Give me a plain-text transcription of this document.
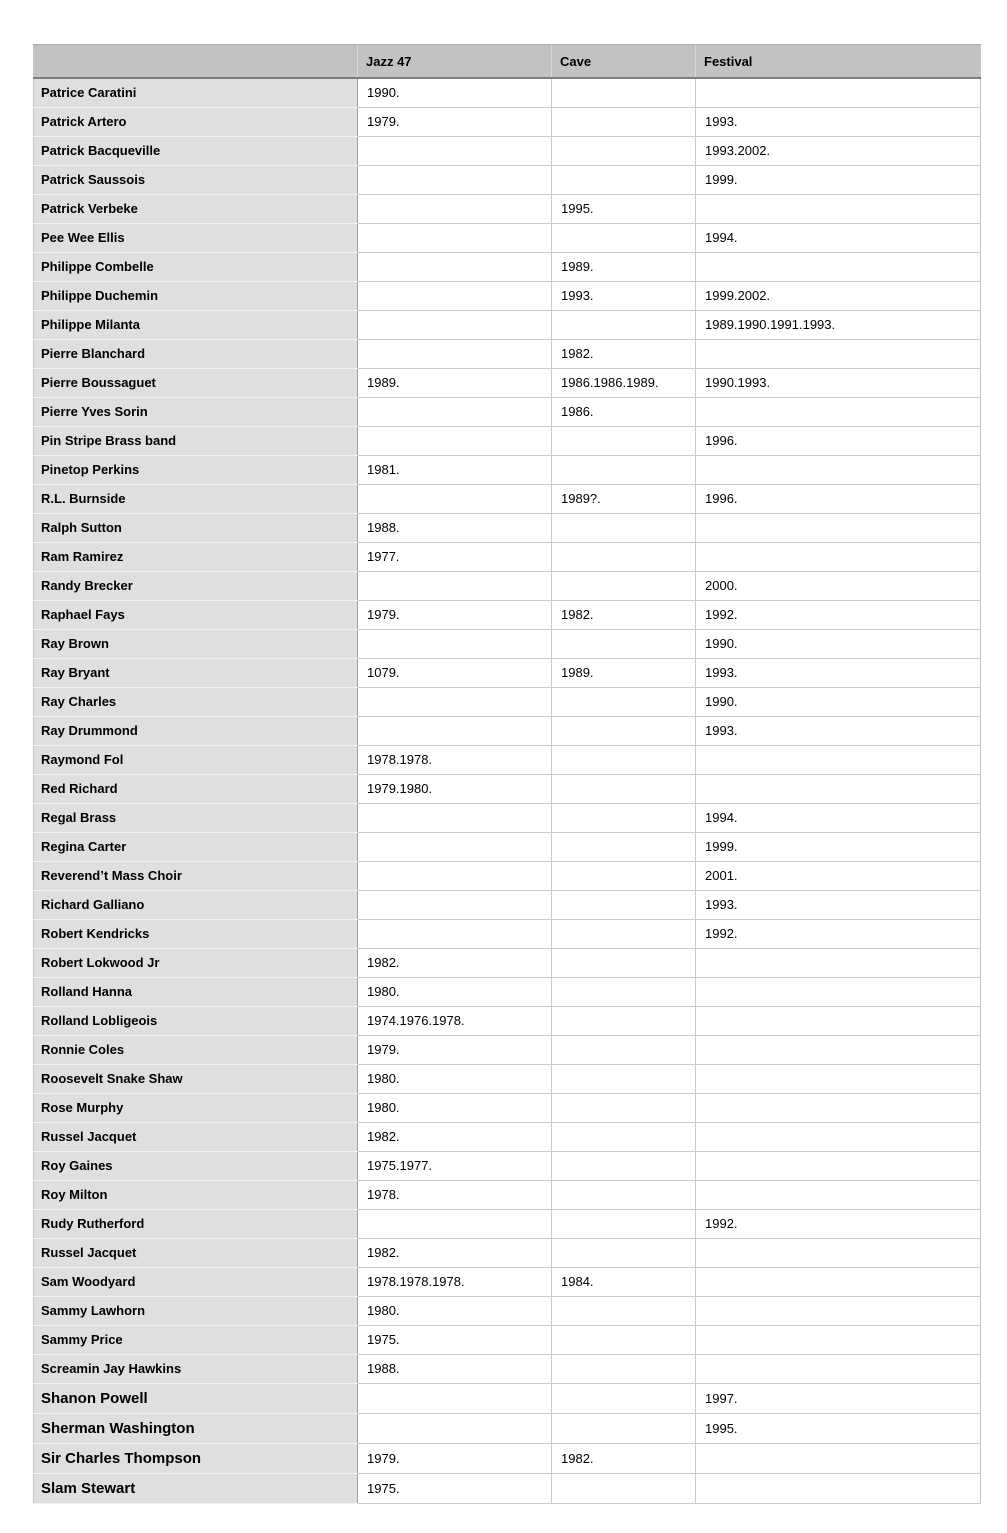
	Jazz 47	Cave	Festival
Patrice Caratini	1990.		
Patrick Artero	1979.		1993.
Patrick Bacqueville			1993.2002.
Patrick Saussois			1999.
Patrick Verbeke		1995.	
Pee Wee Ellis			1994.
Philippe Combelle		1989.	
Philippe Duchemin		1993.	1999.2002.
Philippe Milanta			1989.1990.1991.1993.
Pierre Blanchard		1982.	
Pierre Boussaguet	1989.	1986.1986.1989.	1990.1993.
Pierre Yves Sorin		1986.	
Pin Stripe Brass band			1996.
Pinetop Perkins	1981.		
R.L. Burnside		1989?.	1996.
Ralph Sutton	1988.		
Ram Ramirez	1977.		
Randy Brecker			2000.
Raphael Fays	1979.	1982.	1992.
Ray Brown			1990.
Ray Bryant	1079.	1989.	1993.
Ray Charles			1990.
Ray Drummond			1993.
Raymond Fol	1978.1978.		
Red Richard	1979.1980.		
Regal Brass			1994.
Regina Carter			1999.
Reverend’t Mass Choir			2001.
Richard Galliano			1993.
Robert Kendricks			1992.
Robert Lokwood Jr	1982.		
Rolland Hanna	1980.		
Rolland Lobligeois	1974.1976.1978.		
Ronnie Coles	1979.		
Roosevelt Snake Shaw	1980.		
Rose Murphy	1980.		
Russel Jacquet	1982.		
Roy Gaines	1975.1977.		
Roy Milton	1978.		
Rudy Rutherford			1992.
Russel Jacquet	1982.		
Sam Woodyard	1978.1978.1978.	1984.	
Sammy Lawhorn	1980.		
Sammy Price	1975.		
Screamin Jay Hawkins	1988.		
Shanon Powell			1997.
Sherman Washington			1995.
Sir Charles Thompson	1979.	1982.	
Slam Stewart	1975.		
